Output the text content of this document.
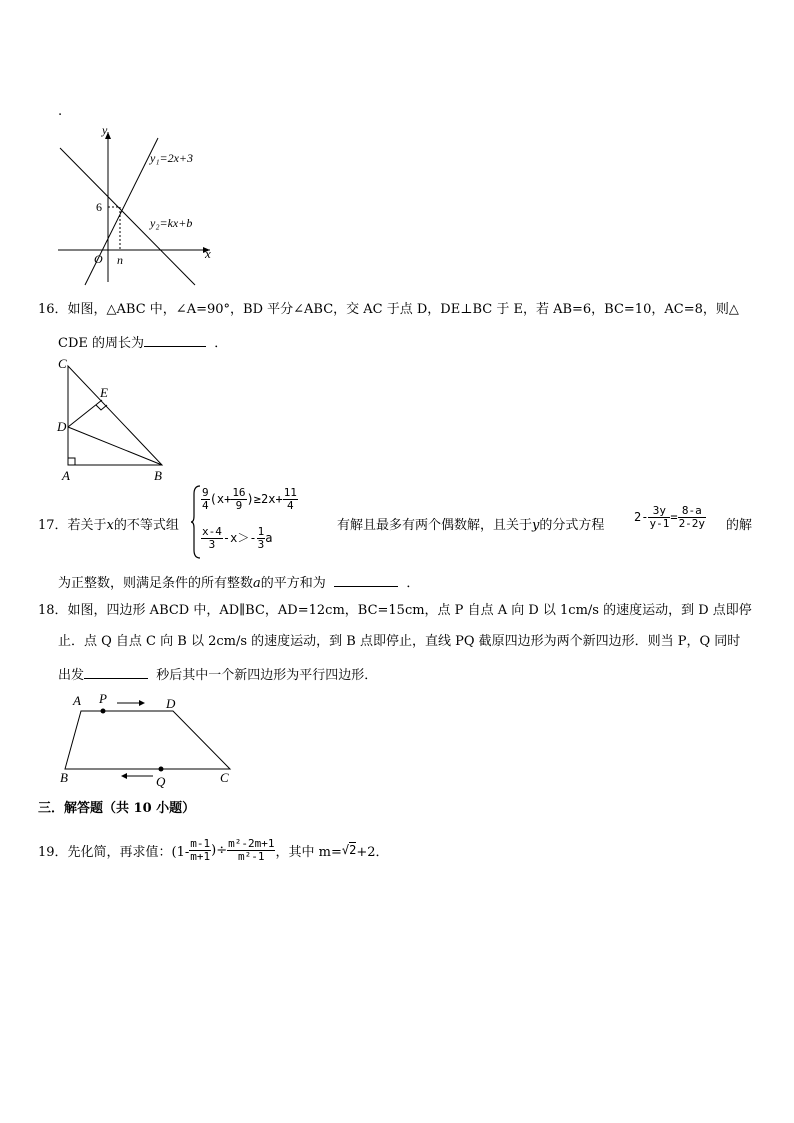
.
y
x
O n
6
y₁=2x+3
y₂=kx+b
16．如图，△ABC 中，∠A=90°，BD 平分∠ABC，交 AC 于点 D，DE⊥BC 于 E，若 AB=6，BC=10，AC=8，则△
CDE 的周长为	．
C
E
D
A	B
17．若关于x的不等式组
$\frac{9}{4} (x+ \frac{16}{9} )\ge 2x+ \frac{11}{4}$
$\frac{x-4}{3} -x>- \frac{1}{3}$ a
有解且最多有两个偶数解，且关于y的分式方程
$2- \frac{3y}{y-1} = \frac{8-a}{2-2y}$ 的解
为正整数，则满足条件的所有整数a的平方和为	．
18．如图，四边形 ABCD 中，AD∥BC，AD=12cm，BC=15cm，点 P 自点 A 向 D 以 1cm/s 的速度运动，到 D 点即停
止．点 Q 自点 C 向 B 以 2cm/s 的速度运动，到 B 点即停止，直线 PQ 截原四边形为两个新四边形．则当 P，Q 同时
出发	秒后其中一个新四边形为平行四边形．
A P	D
B	Q	C
三．解答题（共 10 小题）
19．先化简，再求值：($1- \frac{m-1}{m+1}$ )÷ $\frac{\text{m²-2m+1}}{\text{m²-1}}$ ，其中 m=√2+2．
